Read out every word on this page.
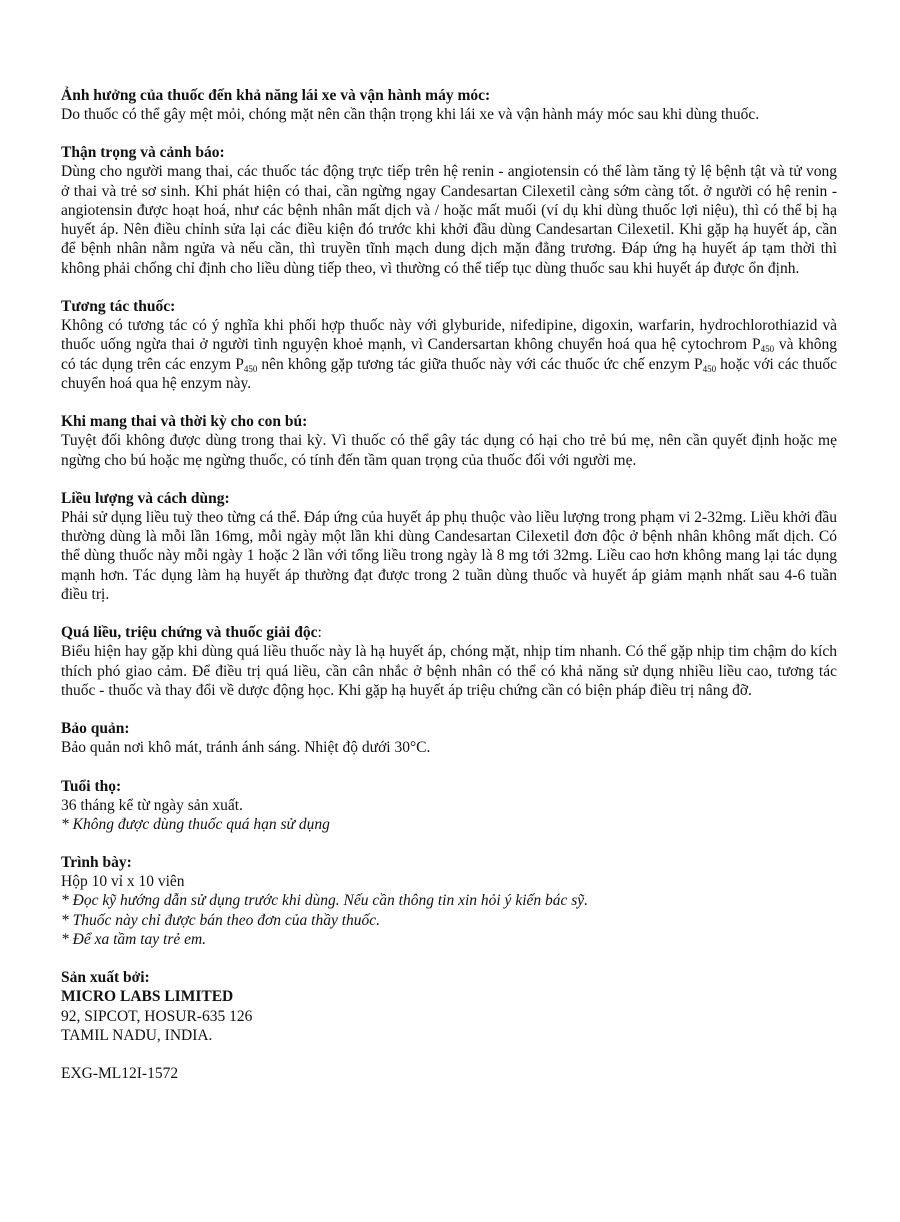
Ảnh hưởng của thuốc đến khả năng lái xe và vận hành máy móc:

Do thuốc có thể gây mệt mỏi, chóng mặt nên cần thận trọng khi lái xe và vận hành máy móc sau khi dùng thuốc.

Thận trọng và cảnh báo:

Dùng cho người mang thai, các thuốc tác động trực tiếp trên hệ renin - angiotensin có thể làm tăng tỷ lệ bệnh tật và tử vong ở thai và trẻ sơ sinh. Khi phát hiện có thai, cần ngừng ngay Candesartan Cilexetil càng sớm càng tốt. ở người có hệ renin - angiotensin được hoạt hoá, như các bệnh nhân mất dịch và / hoặc mất muối (ví dụ khi dùng thuốc lợi niệu), thì có thể bị hạ huyết áp. Nên điều chỉnh sửa lại các điều kiện đó trước khi khởi đầu dùng Candesartan Cilexetil. Khi gặp hạ huyết áp, cần để bệnh nhân nằm ngửa và nếu cần, thì truyền tĩnh mạch dung dịch mặn đẳng trương. Đáp ứng hạ huyết áp tạm thời thì không phải chống chỉ định cho liều dùng tiếp theo, vì thường có thể tiếp tục dùng thuốc sau khi huyết áp được ổn định.

Tương tác thuốc:

Không có tương tác có ý nghĩa khi phối hợp thuốc này với glyburide, nifedipine, digoxin, warfarin, hydrochlorothiazid và thuốc uống ngừa thai ở người tình nguyện khoẻ mạnh, vì Candersartan không chuyển hoá qua hệ cytochrom $P_{450}$ và không có tác dụng trên các enzym $P_{450}$ nên không gặp tương tác giữa thuốc này với các thuốc ức chế enzym $P_{450}$ hoặc với các thuốc chuyển hoá qua hệ enzym này.

Khi mang thai và thời kỳ cho con bú:

Tuyệt đối không được dùng trong thai kỳ. Vì thuốc có thể gây tác dụng có hại cho trẻ bú mẹ, nên cần quyết định hoặc mẹ ngừng cho bú hoặc mẹ ngừng thuốc, có tính đến tầm quan trọng của thuốc đối với người mẹ.

Liều lượng và cách dùng:

Phải sử dụng liều tuỳ theo từng cá thể. Đáp ứng của huyết áp phụ thuộc vào liều lượng trong phạm vi 2-32mg. Liều khởi đầu thường dùng là mỗi lần 16mg, mỗi ngày một lần khi dùng Candesartan Cilexetil đơn độc ở bệnh nhân không mất dịch. Có thể dùng thuốc này mỗi ngày 1 hoặc 2 lần với tổng liều trong ngày là 8 mg tới 32mg. Liều cao hơn không mang lại tác dụng mạnh hơn. Tác dụng làm hạ huyết áp thường đạt được trong 2 tuần dùng thuốc và huyết áp giảm mạnh nhất sau 4-6 tuần điều trị.

Quá liều, triệu chứng và thuốc giải độc:

Biểu hiện hay gặp khi dùng quá liều thuốc này là hạ huyết áp, chóng mặt, nhịp tim nhanh. Có thể gặp nhịp tim chậm do kích thích phó giao cảm. Để điều trị quá liều, cần cân nhắc ở bệnh nhân có thể có khả năng sử dụng nhiều liều cao, tương tác thuốc - thuốc và thay đổi về dược động học. Khi gặp hạ huyết áp triệu chứng cần có biện pháp điều trị nâng đỡ.

Bảo quản:

Bảo quản nơi khô mát, tránh ánh sáng. Nhiệt độ dưới 30°C.

Tuổi thọ:

36 tháng kể từ ngày sản xuất.

* Không được dùng thuốc quá hạn sử dụng

Trình bày:

Hộp 10 vỉ x 10 viên

* Đọc kỹ hướng dẫn sử dụng trước khi dùng. Nếu cần thông tin xin hỏi ý kiến bác sỹ.

* Thuốc này chỉ được bán theo đơn của thầy thuốc.

* Để xa tầm tay trẻ em.

Sản xuất bởi:

MICRO LABS LIMITED

92, SIPCOT, HOSUR-635 126

TAMIL NADU, INDIA.

EXG-ML12I-1572
